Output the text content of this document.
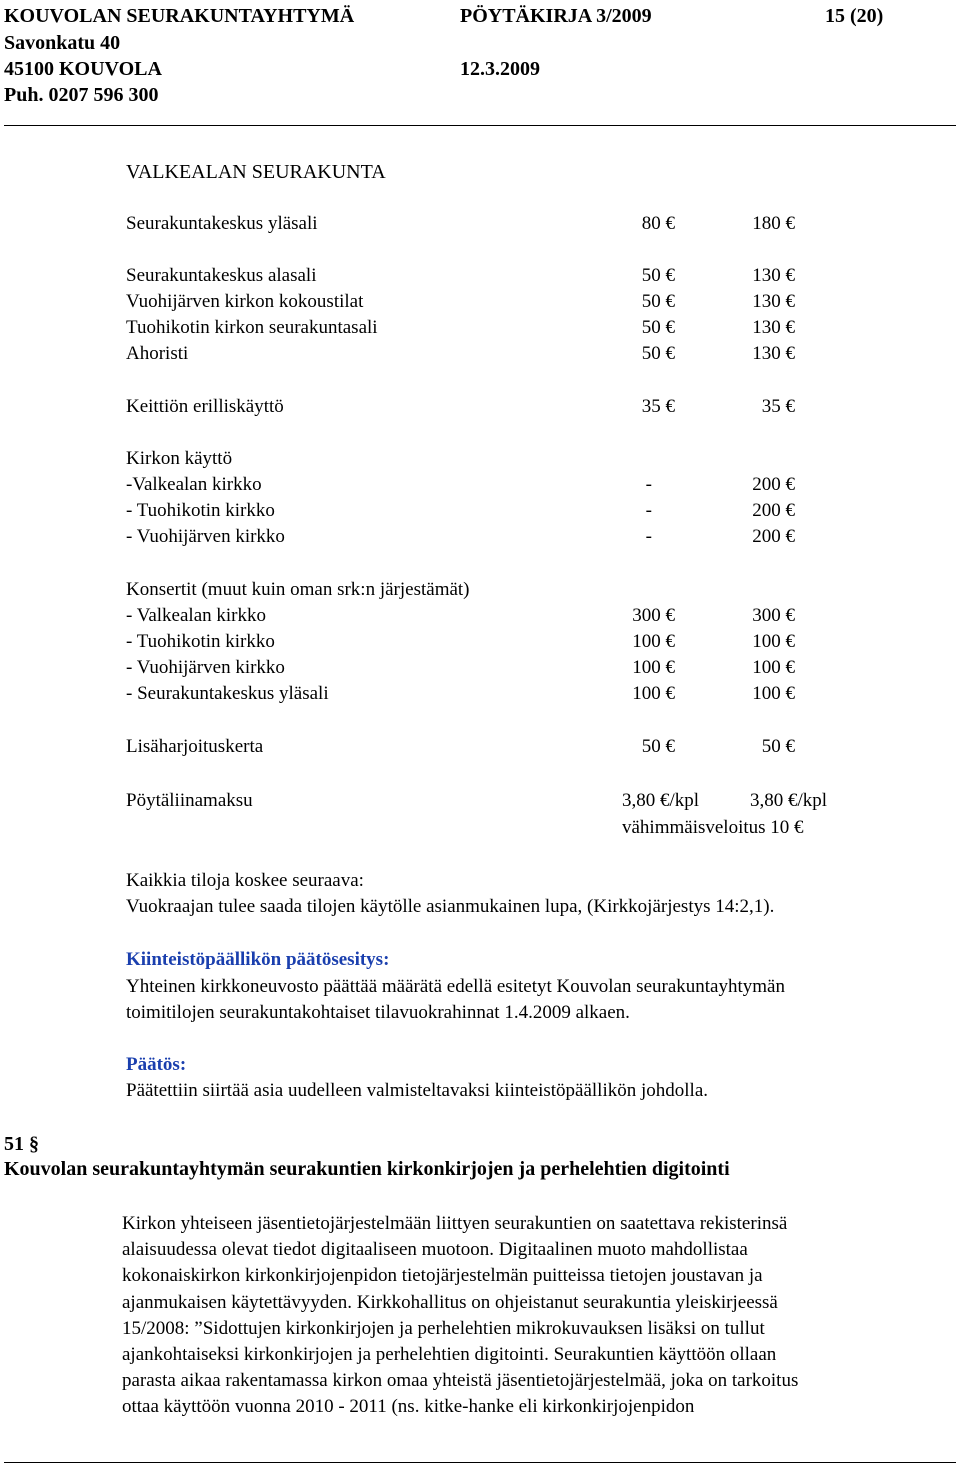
KOUVOLAN SEURAKUNTAYHTYMÄ	PÖYTÄKIRJA 3/2009	15 (20)
Savonkatu 40
45100 KOUVOLA	12.3.2009
Puh. 0207 596 300
VALKEALAN SEURAKUNTA
Seurakuntakeskus yläsali	80 €	180 €
Seurakuntakeskus alasali	50 €	130 €
Vuohijärven kirkon kokoustilat	50 €	130 €
Tuohikotin kirkon seurakuntasali	50 €	130 €
Ahoristi	50 €	130 €
Keittiön erilliskäyttö	35 €	35 €
Kirkon käyttö
-Valkealan kirkko	-	200 €
- Tuohikotin kirkko	-	200 €
- Vuohijärven kirkko	-	200 €
Konsertit (muut kuin oman srk:n järjestämät)
- Valkealan kirkko	300 €	300 €
- Tuohikotin kirkko	100 €	100 €
- Vuohijärven kirkko	100 €	100 €
- Seurakuntakeskus yläsali	100 €	100 €
Lisäharjoituskerta	50 €	50 €
Pöytäliinamaksu	3,80 €/kpl	3,80 €/kpl
vähimmäisveloitus 10 €
Kaikkia tiloja koskee seuraava:
Vuokraajan tulee saada tilojen käytölle asianmukainen lupa, (Kirkkojärjestys 14:2,1).
Kiinteistöpäällikön päätösesitys:
Yhteinen kirkkoneuvosto päättää määrätä edellä esitetyt Kouvolan seurakuntayhtymän
toimitilojen seurakuntakohtaiset tilavuokrahinnat 1.4.2009 alkaen.
Päätös:
Päätettiin siirtää asia uudelleen valmisteltavaksi kiinteistöpäällikön johdolla.
51 §
Kouvolan seurakuntayhtymän seurakuntien kirkonkirjojen ja perhelehtien digitointi
Kirkon yhteiseen jäsentietojärjestelmään liittyen seurakuntien on saatettava rekisterinsä
alaisuudessa olevat tiedot digitaaliseen muotoon. Digitaalinen muoto mahdollistaa
kokonaiskirkon kirkonkirjojenpidon tietojärjestelmän puitteissa tietojen joustavan ja
ajanmukaisen käytettävyyden. Kirkkohallitus on ohjeistanut seurakuntia yleiskirjeessä
15/2008: ”Sidottujen kirkonkirjojen ja perhelehtien mikrokuvauksen lisäksi on tullut
ajankohtaiseksi kirkonkirjojen ja perhelehtien digitointi. Seurakuntien käyttöön ollaan
parasta aikaa rakentamassa kirkon omaa yhteistä jäsentietojärjestelmää, joka on tarkoitus
ottaa käyttöön vuonna 2010 - 2011 (ns. kitke-hanke eli kirkonkirjojenpidon
